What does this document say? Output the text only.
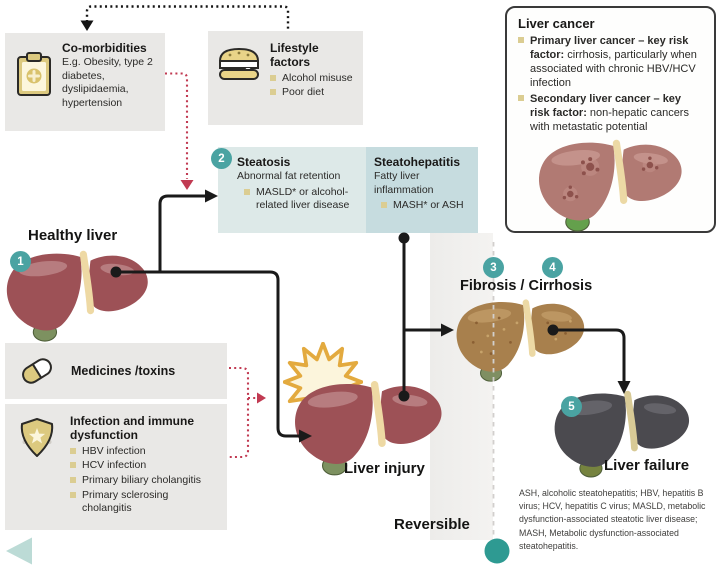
Co-morbidities
E.g. Obesity, type 2 diabetes, dyslipidaemia, hypertension
Lifestyle factors
Alcohol misuse
Poor diet
Liver cancer
Primary liver cancer – key risk factor: cirrhosis, particularly when associated with chronic HBV/HCV infection
Secondary liver cancer – key risk factor: non-hepatic cancers with metastatic potential
Steatosis
Abnormal fat retention
MASLD* or alcohol-related liver disease
2	Steatohepatitis
Fatty liver inflammation
MASH* or ASH
Healthy liver
1
Medicines /toxins
Infection and immune dysfunction
HBV infection
HCV infection
Primary biliary cholangitis
Primary sclerosing cholangitis
Liver injury
3	4
Fibrosis / Cirrhosis
5
Liver failure
ASH, alcoholic steatohepatitis; HBV, hepatitis B virus; HCV, hepatitis C virus; MASLD, metabolic dysfunction-associated steatotic liver disease; MASH, Metabolic dysfunction-associated steatohepatitis.
Reversible
